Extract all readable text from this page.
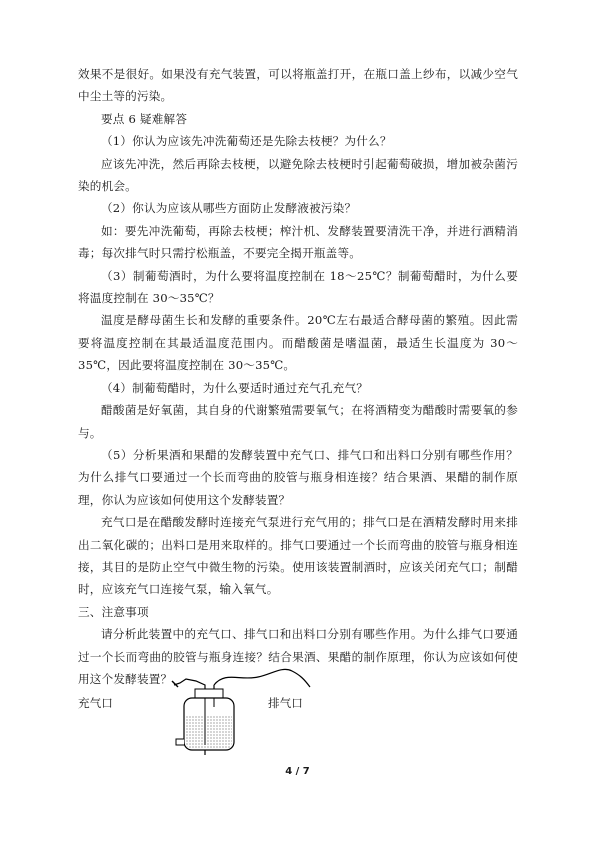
效果不是很好。如果没有充气装置，可以将瓶盖打开，在瓶口盖上纱布，以减少空气中尘土等的污染。

要点 6 疑难解答

（1）你认为应该先冲洗葡萄还是先除去枝梗？为什么？

应该先冲洗，然后再除去枝梗，以避免除去枝梗时引起葡萄破损，增加被杂菌污染的机会。

（2）你认为应该从哪些方面防止发酵液被污染？

如：要先冲洗葡萄，再除去枝梗；榨汁机、发酵装置要清洗干净，并进行酒精消毒；每次排气时只需拧松瓶盖，不要完全揭开瓶盖等。

（3）制葡萄酒时，为什么要将温度控制在 18～25℃？制葡萄醋时，为什么要将温度控制在 30～35℃？

温度是酵母菌生长和发酵的重要条件。20℃左右最适合酵母菌的繁殖。因此需要将温度控制在其最适温度范围内。而醋酸菌是嗜温菌，最适生长温度为 30～35℃，因此要将温度控制在 30～35℃。

（4）制葡萄醋时，为什么要适时通过充气孔充气？

醋酸菌是好氧菌，其自身的代谢繁殖需要氧气；在将酒精变为醋酸时需要氧的参与。

（5）分析果酒和果醋的发酵装置中充气口、排气口和出料口分别有哪些作用？为什么排气口要通过一个长而弯曲的胶管与瓶身相连接？结合果酒、果醋的制作原理，你认为应该如何使用这个发酵装置？

充气口是在醋酸发酵时连接充气泵进行充气用的；排气口是在酒精发酵时用来排出二氧化碳的；出料口是用来取样的。排气口要通过一个长而弯曲的胶管与瓶身相连接，其目的是防止空气中微生物的污染。使用该装置制酒时，应该关闭充气口；制醋时，应该充气口连接气泵，输入氧气。

三、注意事项

请分析此装置中的充气口、排气口和出料口分别有哪些作用。为什么排气口要通过一个长而弯曲的胶管与瓶身连接？结合果酒、果醋的制作原理，你认为应该如何使用这个发酵装置？

充气口	排气口
4 / 7
